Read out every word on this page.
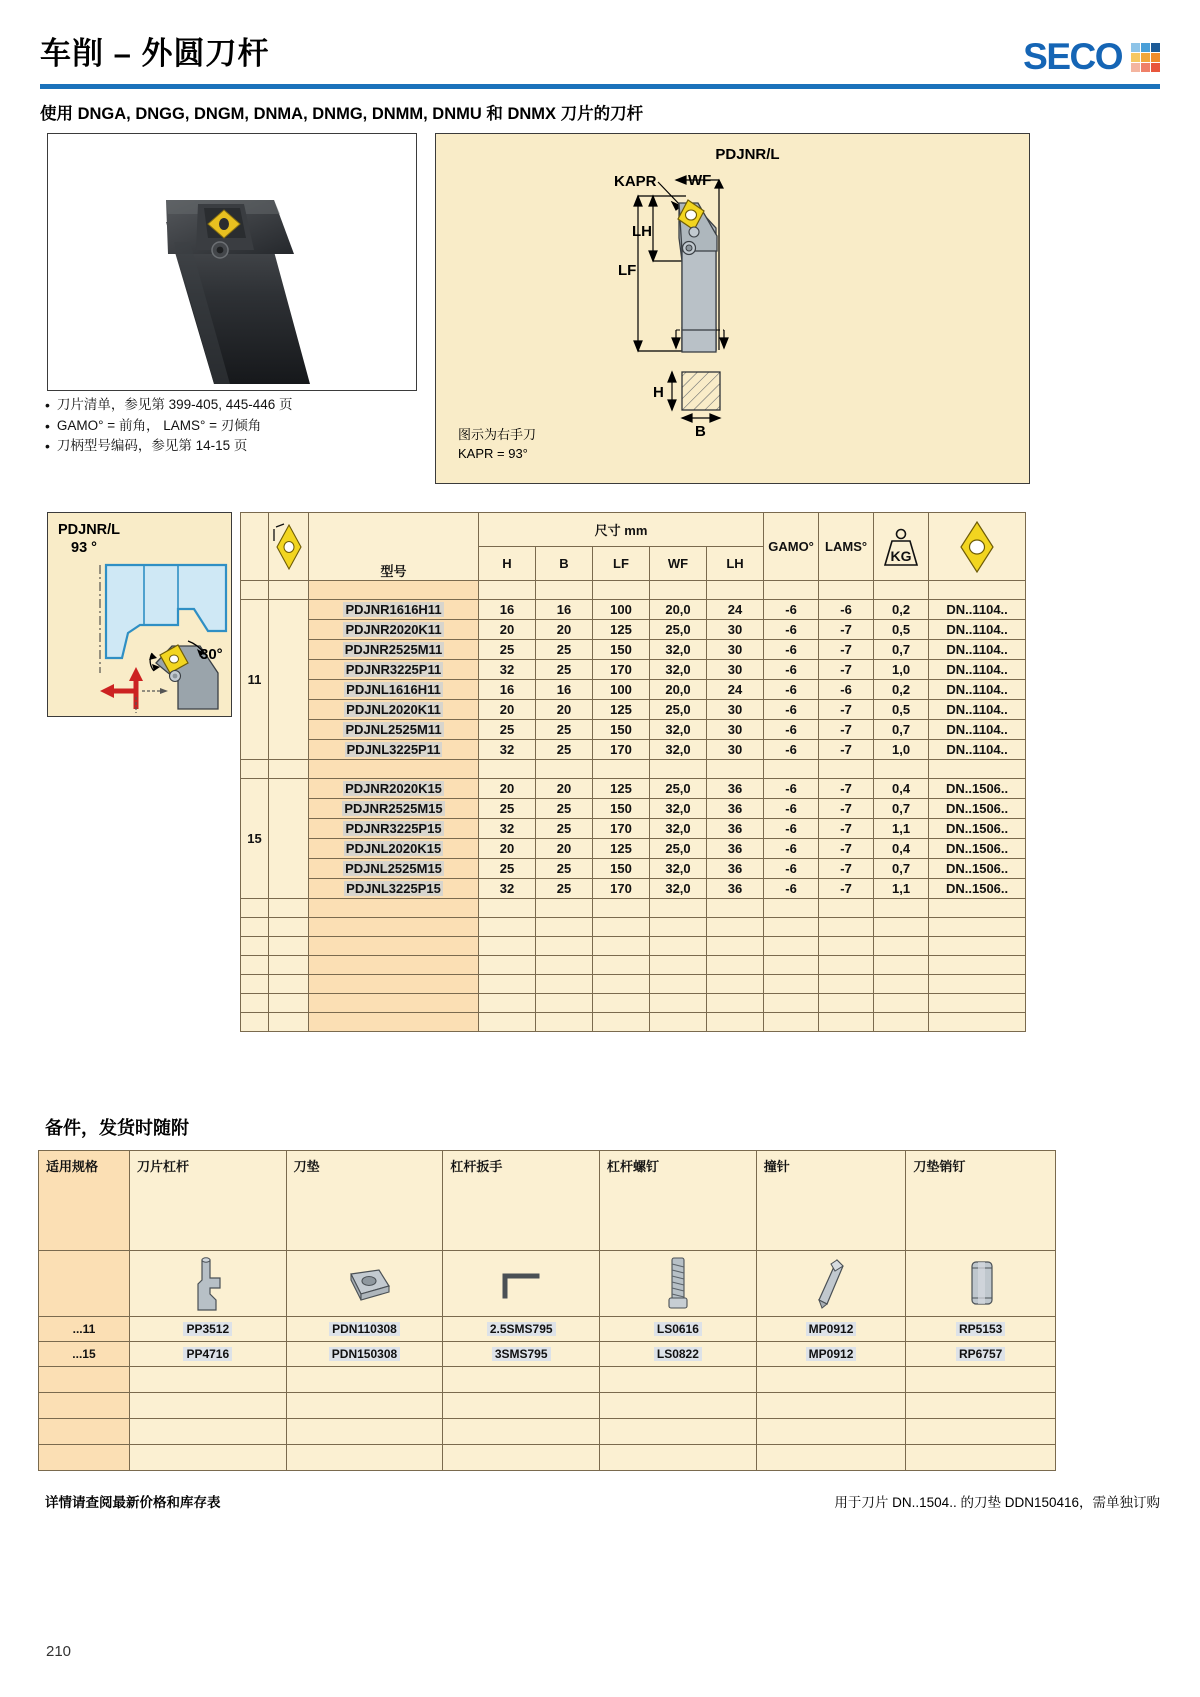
车削 – 外圆刀杆	SECO
使用 DNGA, DNGG, DNGM, DNMA, DNMG, DNMM, DNMU 和 DNMX 刀片的刀杆
• 刀片清单，参见第 399-405, 445-446 页
• GAMO° = 前角， LAMS° = 刃倾角
• 刀柄型号编码，参见第 14-15 页
PDJNR/L
LF
LH
KAPR WF
H
B
图示为右手刀
KAPR = 93°
PDJNR/L
93 °
30°

	型号	尺寸 mm					GAMO°	LAMS°	KG

			H	B	LF	WF	LH				

11		PDJNR1616H11	16	16	100	20,0	24	-6	-6	0,2	DN..1104..
		PDJNR2020K11	20	20	125	25,0	30	-6	-7	0,5	DN..1104..
		PDJNR2525M11	25	25	150	32,0	30	-6	-7	0,7	DN..1104..
		PDJNR3225P11	32	25	170	32,0	30	-6	-7	1,0	DN..1104..
		PDJNL1616H11	16	16	100	20,0	24	-6	-6	0,2	DN..1104..
		PDJNL2020K11	20	20	125	25,0	30	-6	-7	0,5	DN..1104..
		PDJNL2525M11	25	25	150	32,0	30	-6	-7	0,7	DN..1104..
		PDJNL3225P11	32	25	170	32,0	30	-6	-7	1,0	DN..1104..

15		PDJNR2020K15	20	20	125	25,0	36	-6	-7	0,4	DN..1506..
		PDJNR2525M15	25	25	150	32,0	36	-6	-7	0,7	DN..1506..
		PDJNR3225P15	32	25	170	32,0	36	-6	-7	1,1	DN..1506..
		PDJNL2020K15	20	20	125	25,0	36	-6	-7	0,4	DN..1506..
		PDJNL2525M15	25	25	150	32,0	36	-6	-7	0,7	DN..1506..
		PDJNL3225P15	32	25	170	32,0	36	-6	-7	1,1	DN..1506..

备件，发货时随附
适用规格	刀片杠杆	刀垫	杠杆扳手	杠杆螺钉	撞针	刀垫销钉

...11	PP3512	PDN110308	2.5SMS795	LS0616	MP0912	RP5153
...15	PP4716	PDN150308	3SMS795	LS0822	MP0912	RP6757

详情请查阅最新价格和库存表	用于刀片 DN..1504.. 的刀垫 DDN150416，需单独订购
210
